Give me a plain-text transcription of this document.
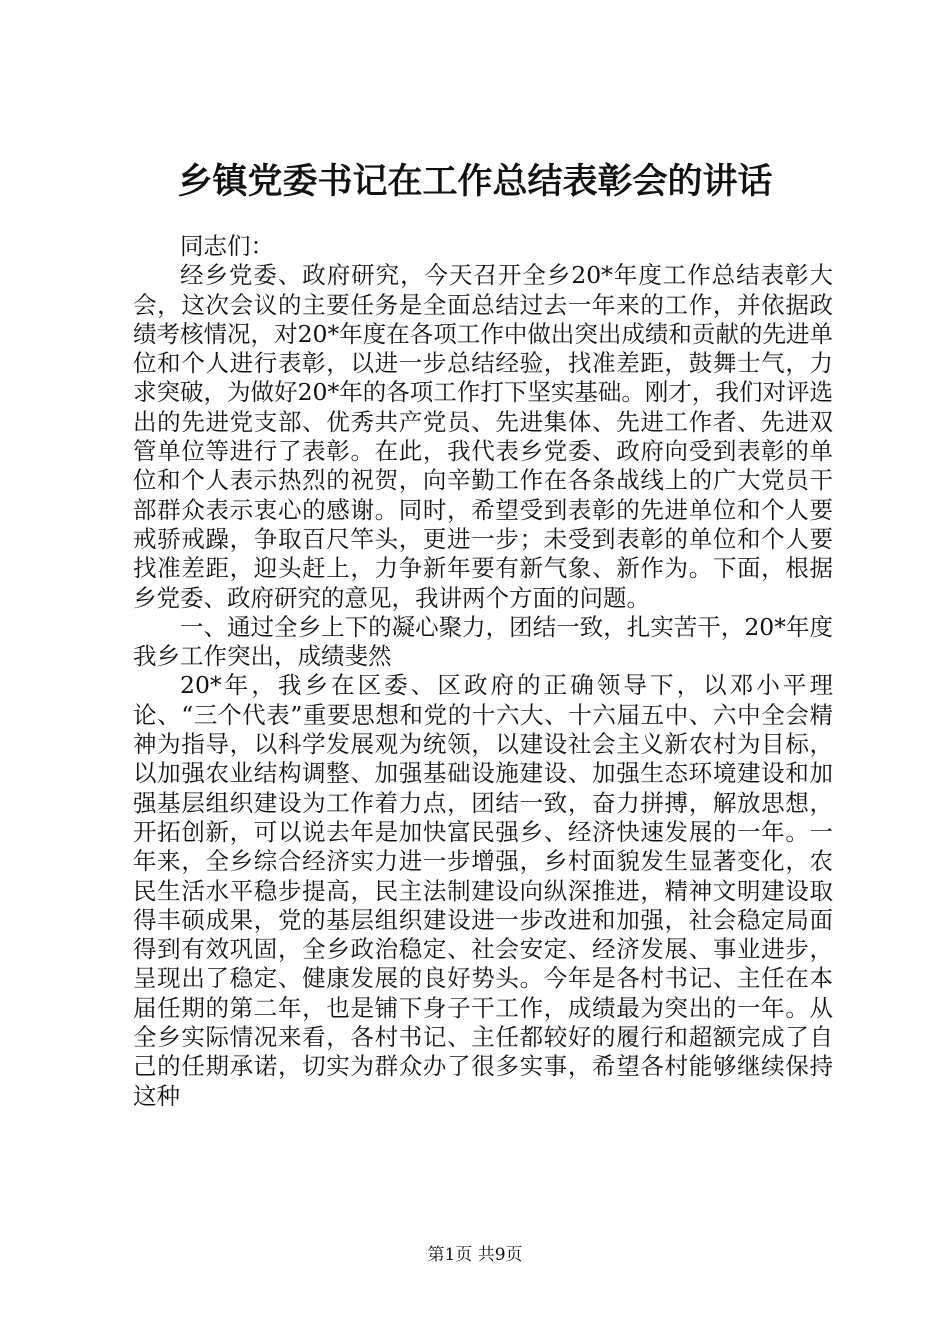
乡镇党委书记在工作总结表彰会的讲话

同志们：

经乡党委、政府研究，今天召开全乡20*年度工作总结表彰大会，这次会议的主要任务是全面总结过去一年来的工作，并依据政绩考核情况，对20*年度在各项工作中做出突出成绩和贡献的先进单位和个人进行表彰，以进一步总结经验，找准差距，鼓舞士气，力求突破，为做好20*年的各项工作打下坚实基础。刚才，我们对评选出的先进党支部、优秀共产党员、先进集体、先进工作者、先进双管单位等进行了表彰。在此，我代表乡党委、政府向受到表彰的单位和个人表示热烈的祝贺，向辛勤工作在各条战线上的广大党员干部群众表示衷心的感谢。同时，希望受到表彰的先进单位和个人要戒骄戒躁，争取百尺竿头，更进一步；未受到表彰的单位和个人要找准差距，迎头赶上，力争新年要有新气象、新作为。下面，根据乡党委、政府研究的意见，我讲两个方面的问题。

一、通过全乡上下的凝心聚力，团结一致，扎实苦干，20*年度我乡工作突出，成绩斐然

20*年，我乡在区委、区政府的正确领导下，以邓小平理论、“三个代表”重要思想和党的十六大、十六届五中、六中全会精神为指导，以科学发展观为统领，以建设社会主义新农村为目标，以加强农业结构调整、加强基础设施建设、加强生态环境建设和加强基层组织建设为工作着力点，团结一致，奋力拼搏，解放思想，开拓创新，可以说去年是加快富民强乡、经济快速发展的一年。一年来，全乡综合经济实力进一步增强，乡村面貌发生显著变化，农民生活水平稳步提高，民主法制建设向纵深推进，精神文明建设取得丰硕成果，党的基层组织建设进一步改进和加强，社会稳定局面得到有效巩固，全乡政治稳定、社会安定、经济发展、事业进步，呈现出了稳定、健康发展的良好势头。今年是各村书记、主任在本届任期的第二年，也是铺下身子干工作，成绩最为突出的一年。从全乡实际情况来看，各村书记、主任都较好的履行和超额完成了自己的任期承诺，切实为群众办了很多实事，希望各村能够继续保持这种

第1页 共9页
